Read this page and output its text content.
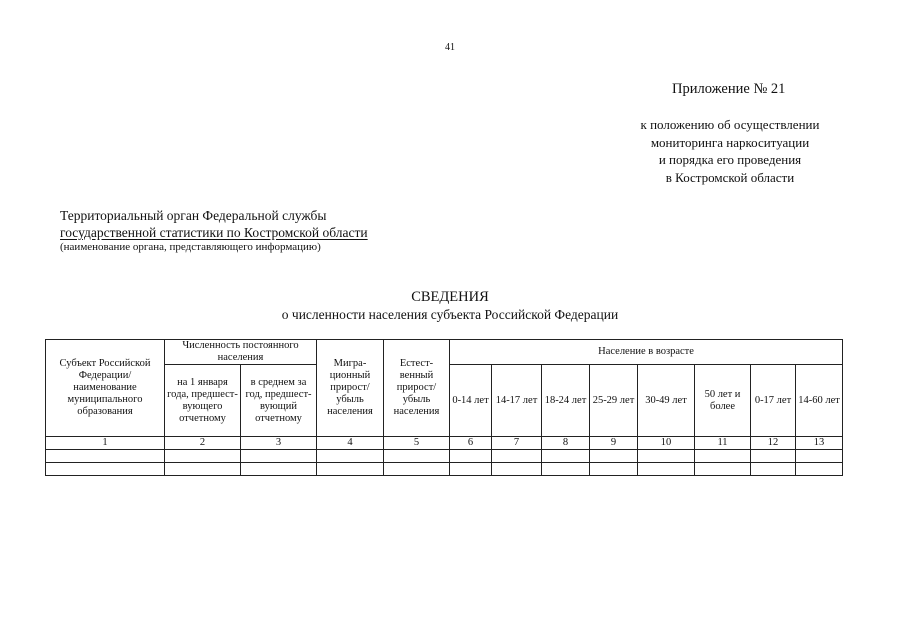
41
Приложение № 21
к положению об осуществлении
мониторинга наркоситуации
и порядка его проведения
в Костромской области
Территориальный орган Федеральной службы
государственной статистики по Костромской области
(наименование органа, представляющего информацию)
СВЕДЕНИЯ
о численности населения субъекта Российской Федерации
Субъект Российской Федерации/ наименование муниципального образования	Численность постоянного населения		Мигра-ционный прирост/ убыль населения	Естест-венный прирост/ убыль населения	Население в возрасте							
	на 1 января года, предшест-вующего отчетному	в среднем за год, предшест-вующий отчетному			0-14 лет	14-17 лет	18-24 лет	25-29 лет	30-49 лет	50 лет и более	0-17 лет	14-60 лет
1	2	3	4	5	6	7	8	9	10	11	12	13
